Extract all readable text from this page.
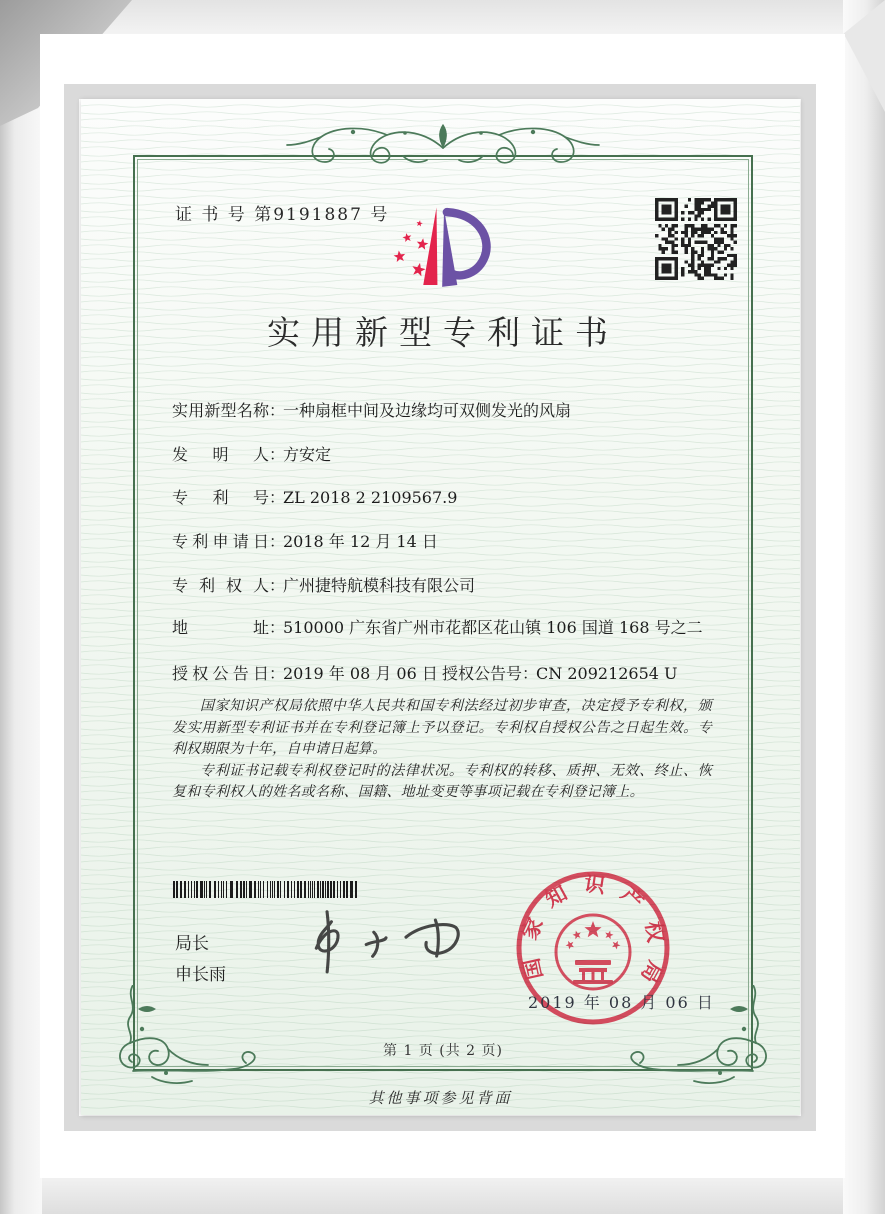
证 书 号 第9191887 号
实用新型专利证书
实用新型名称：一种扇框中间及边缘均可双侧发光的风扇
发明人：方安定
专利号：ZL 2018 2 2109567.9
专利申请日：2018 年 12 月 14 日
专利权人：广州捷特航模科技有限公司
地址：510000 广东省广州市花都区花山镇 106 国道 168 号之二
授权公告日：2019 年 08 月 06 日 授权公告号：CN 209212654 U

国家知识产权局依照中华人民共和国专利法经过初步审查，决定授予专利权，颁发实用新型专利证书并在专利登记簿上予以登记。专利权自授权公告之日起生效。专利权期限为十年，自申请日起算。

专利证书记载专利权登记时的法律状况。专利权的转移、质押、无效、终止、恢复和专利权人的姓名或名称、国籍、地址变更等事项记载在专利登记簿上。

局长
申长雨	国家知识产权局
2019 年 08 月 06 日
第 1 页 (共 2 页)
其他事项参见背面
